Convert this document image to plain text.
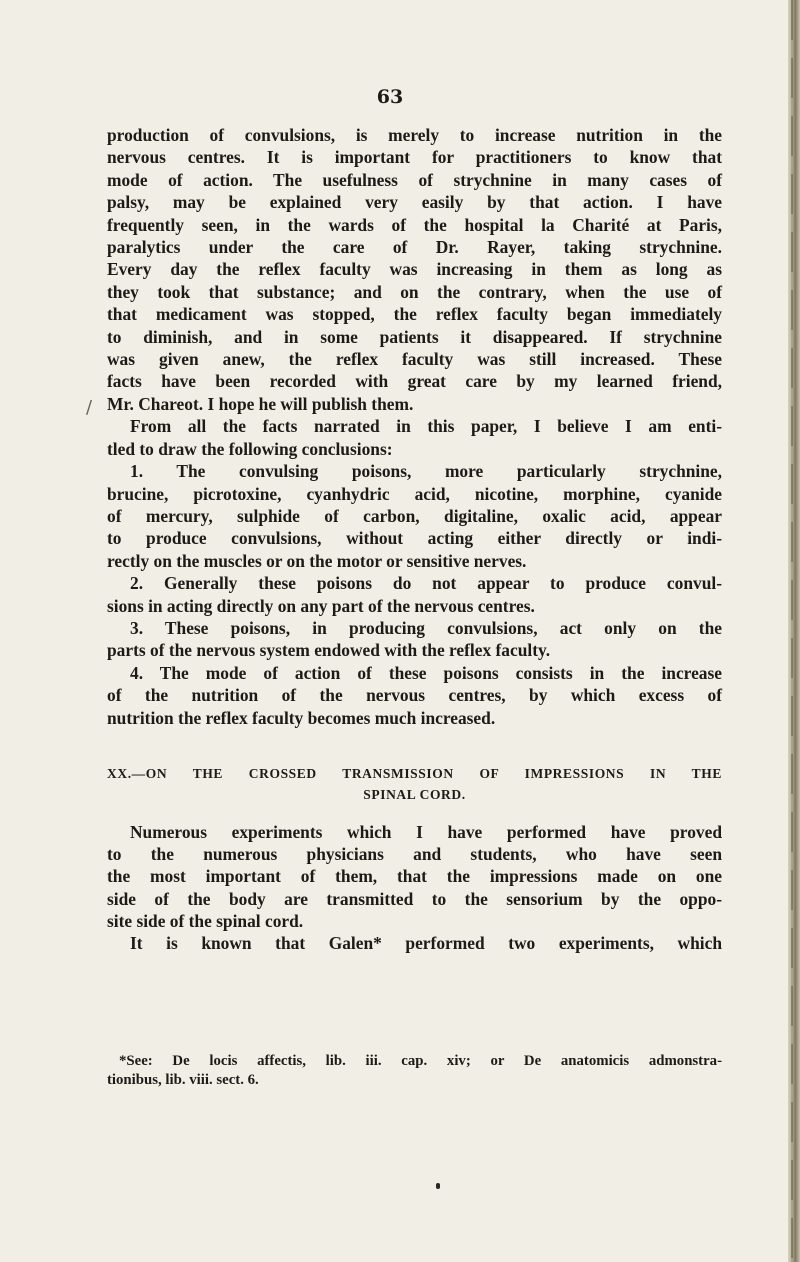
63
/
production of convulsions, is merely to increase nutrition in the
nervous centres. It is important for practitioners to know that
mode of action. The usefulness of strychnine in many cases of
palsy, may be explained very easily by that action. I have
frequently seen, in the wards of the hospital la Charité at Paris,
paralytics under the care of Dr. Rayer, taking strychnine.
Every day the reflex faculty was increasing in them as long as
they took that substance; and on the contrary, when the use of
that medicament was stopped, the reflex faculty began immediately
to diminish, and in some patients it disappeared. If strychnine
was given anew, the reflex faculty was still increased. These
facts have been recorded with great care by my learned friend,
Mr. Chareot. I hope he will publish them.
From all the facts narrated in this paper, I believe I am enti-
tled to draw the following conclusions:
1. The convulsing poisons, more particularly strychnine,
brucine, picrotoxine, cyanhydric acid, nicotine, morphine, cyanide
of mercury, sulphide of carbon, digitaline, oxalic acid, appear
to produce convulsions, without acting either directly or indi-
rectly on the muscles or on the motor or sensitive nerves.
2. Generally these poisons do not appear to produce convul-
sions in acting directly on any part of the nervous centres.
3. These poisons, in producing convulsions, act only on the
parts of the nervous system endowed with the reflex faculty.
4. The mode of action of these poisons consists in the increase
of the nutrition of the nervous centres, by which excess of
nutrition the reflex faculty becomes much increased.
XX.—ON THE CROSSED TRANSMISSION OF IMPRESSIONS IN THE
SPINAL CORD.
Numerous experiments which I have performed have proved
to the numerous physicians and students, who have seen
the most important of them, that the impressions made on one
side of the body are transmitted to the sensorium by the oppo-
site side of the spinal cord.
It is known that Galen* performed two experiments, which
*See: De locis affectis, lib. iii. cap. xiv; or De anatomicis admonstra-
tionibus, lib. viii. sect. 6.
